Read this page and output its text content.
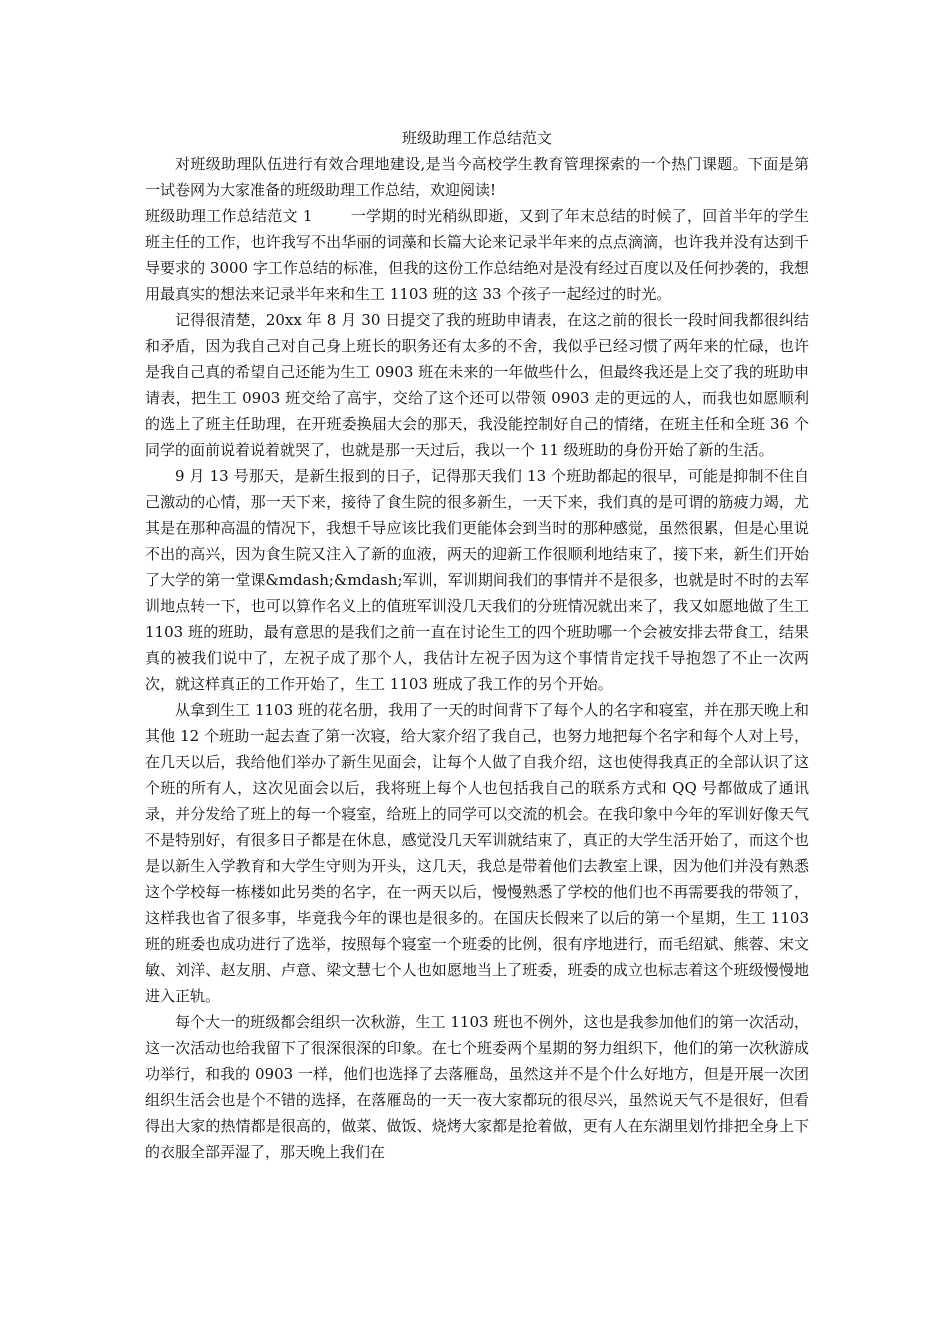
班级助理工作总结范文

对班级助理队伍进行有效合理地建设,是当今高校学生教育管理探索的一个热门课题。下面是第一试卷网为大家准备的班级助理工作总结，欢迎阅读!

班级助理工作总结范文 1	一学期的时光稍纵即逝，又到了年末总结的时候了，回首半年的学生班主任的工作，也许我写不出华丽的词藻和长篇大论来记录半年来的点点滴滴，也许我并没有达到千导要求的 3000 字工作总结的标准，但我的这份工作总结绝对是没有经过百度以及任何抄袭的，我想用最真实的想法来记录半年来和生工 1103 班的这 33 个孩子一起经过的时光。

记得很清楚，20xx 年 8 月 30 日提交了我的班助申请表，在这之前的很长一段时间我都很纠结和矛盾，因为我自己对自己身上班长的职务还有太多的不舍，我似乎已经习惯了两年来的忙碌，也许是我自己真的希望自己还能为生工 0903 班在未来的一年做些什么，但最终我还是上交了我的班助申请表，把生工 0903 班交给了高宇，交给了这个还可以带领 0903 走的更远的人，而我也如愿顺利的选上了班主任助理，在开班委换届大会的那天，我没能控制好自己的情绪，在班主任和全班 36 个同学的面前说着说着就哭了，也就是那一天过后，我以一个 11 级班助的身份开始了新的生活。

9 月 13 号那天，是新生报到的日子，记得那天我们 13 个班助都起的很早，可能是抑制不住自己激动的心情，那一天下来，接待了食生院的很多新生，一天下来，我们真的是可谓的筋疲力竭，尤其是在那种高温的情况下，我想千导应该比我们更能体会到当时的那种感觉，虽然很累，但是心里说不出的高兴，因为食生院又注入了新的血液，两天的迎新工作很顺利地结束了，接下来，新生们开始了大学的第一堂课&mdash;&mdash;军训，军训期间我们的事情并不是很多，也就是时不时的去军训地点转一下，也可以算作名义上的值班军训没几天我们的分班情况就出来了，我又如愿地做了生工 1103 班的班助，最有意思的是我们之前一直在讨论生工的四个班助哪一个会被安排去带食工，结果真的被我们说中了，左祝子成了那个人，我估计左祝子因为这个事情肯定找千导抱怨了不止一次两次，就这样真正的工作开始了，生工 1103 班成了我工作的另个开始。

从拿到生工 1103 班的花名册，我用了一天的时间背下了每个人的名字和寝室，并在那天晚上和其他 12 个班助一起去查了第一次寝，给大家介绍了我自己，也努力地把每个名字和每个人对上号，在几天以后，我给他们举办了新生见面会，让每个人做了自我介绍，这也使得我真正的全部认识了这个班的所有人，这次见面会以后，我将班上每个人也包括我自己的联系方式和 QQ 号都做成了通讯录，并分发给了班上的每一个寝室，给班上的同学可以交流的机会。在我印象中今年的军训好像天气不是特别好，有很多日子都是在休息，感觉没几天军训就结束了，真正的大学生活开始了，而这个也是以新生入学教育和大学生守则为开头，这几天，我总是带着他们去教室上课，因为他们并没有熟悉这个学校每一栋楼如此另类的名字，在一两天以后，慢慢熟悉了学校的他们也不再需要我的带领了，这样我也省了很多事，毕竟我今年的课也是很多的。在国庆长假来了以后的第一个星期，生工 1103 班的班委也成功进行了选举，按照每个寝室一个班委的比例，很有序地进行，而毛绍斌、熊蓉、宋文敏、刘洋、赵友朋、卢意、梁文慧七个人也如愿地当上了班委，班委的成立也标志着这个班级慢慢地进入正轨。

每个大一的班级都会组织一次秋游，生工 1103 班也不例外，这也是我参加他们的第一次活动，这一次活动也给我留下了很深很深的印象。在七个班委两个星期的努力组织下，他们的第一次秋游成功举行，和我的 0903 一样，他们也选择了去落雁岛，虽然这并不是个什么好地方，但是开展一次团组织生活会也是个不错的选择，在落雁岛的一天一夜大家都玩的很尽兴，虽然说天气不是很好，但看得出大家的热情都是很高的，做菜、做饭、烧烤大家都是抢着做，更有人在东湖里划竹排把全身上下的衣服全部弄湿了，那天晚上我们在
